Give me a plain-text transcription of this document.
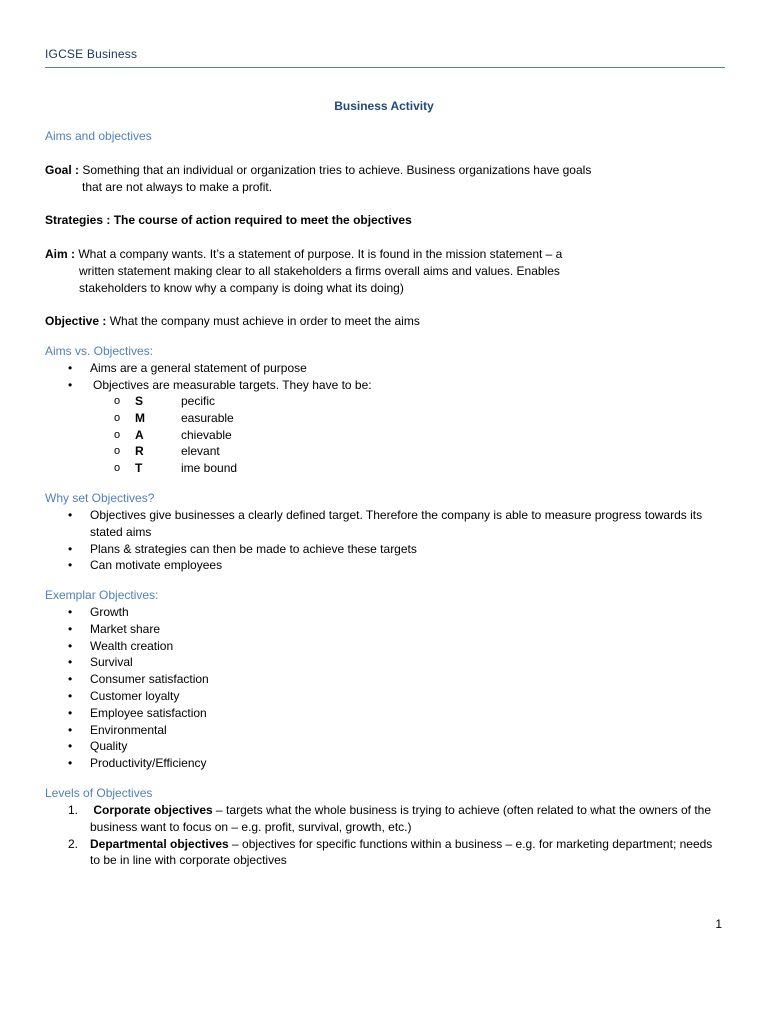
IGCSE Business
Business Activity
Aims and objectives
Goal : Something that an individual or organization tries to achieve. Business organizations have goals
that are not always to make a profit.
Strategies : The course of action required to meet the objectives
Aim : What a company wants. It’s a statement of purpose. It is found in the mission statement – a
written statement making clear to all stakeholders a firms overall aims and values. Enables
stakeholders to know why a company is doing what its doing)
Objective : What the company must achieve in order to meet the aims
Aims vs. Objectives:
• Aims are a general statement of purpose
• Objectives are measurable targets. They have to be:
o S	pecific
o M	easurable
o A	chievable
o R	elevant
o T	ime bound
Why set Objectives?
• Objectives give businesses a clearly defined target. Therefore the company is able to measure progress towards its stated aims
• Plans & strategies can then be made to achieve these targets
• Can motivate employees
Exemplar Objectives:
• Growth
• Market share
• Wealth creation
• Survival
• Consumer satisfaction
• Customer loyalty
• Employee satisfaction
• Environmental
• Quality
• Productivity/Efficiency
Levels of Objectives
1. Corporate objectives – targets what the whole business is trying to achieve (often related to what the owners of the business want to focus on – e.g. profit, survival, growth, etc.)
2. Departmental objectives – objectives for specific functions within a business – e.g. for marketing department; needs to be in line with corporate objectives
1
